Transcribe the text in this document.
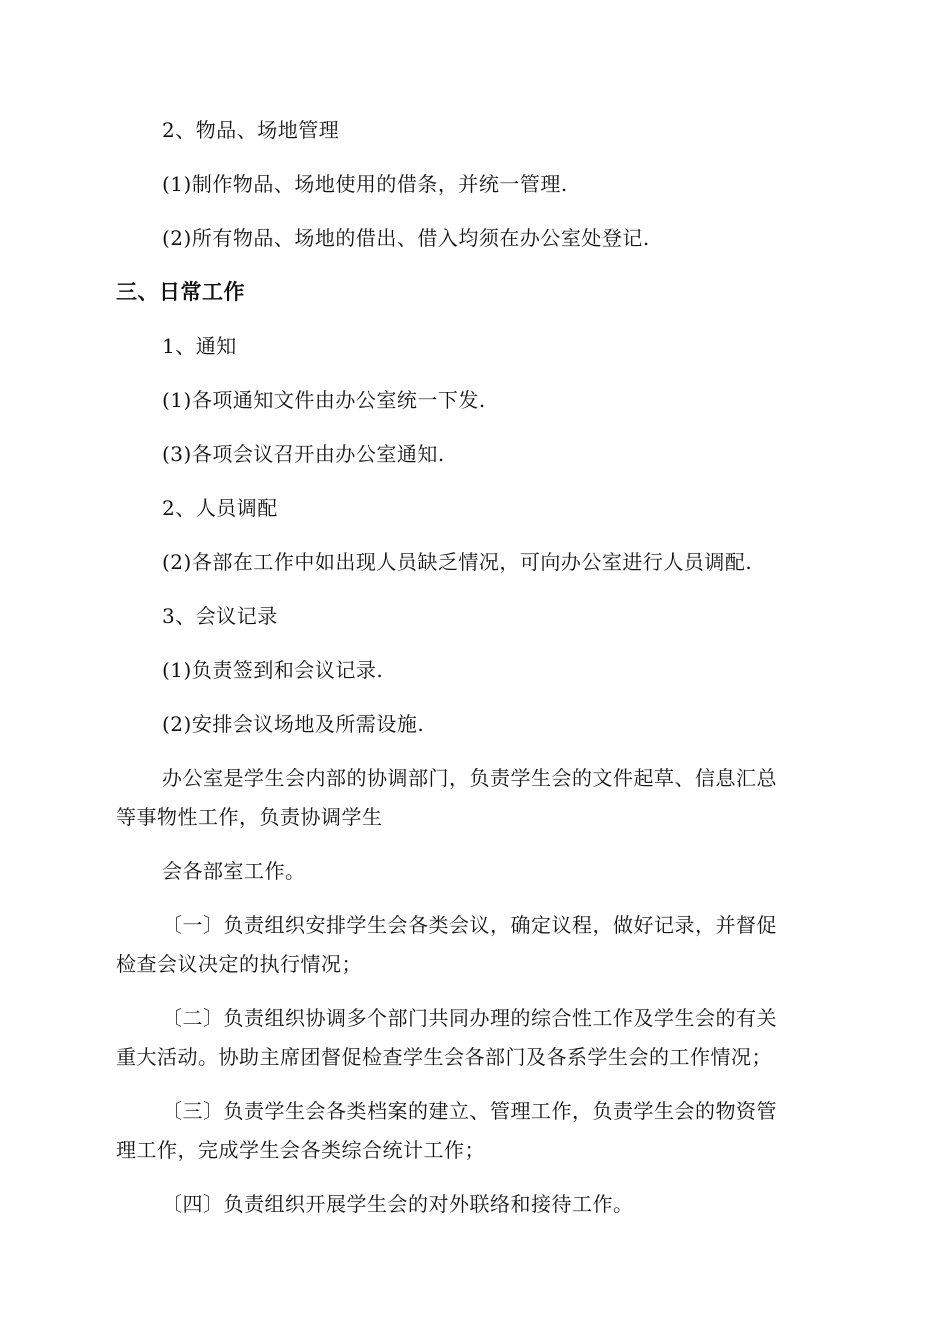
2、物品、场地管理
(1)制作物品、场地使用的借条，并统一管理.
(2)所有物品、场地的借出、借入均须在办公室处登记.
三、日常工作
1、通知
(1)各项通知文件由办公室统一下发.
(3)各项会议召开由办公室通知.
2、人员调配
(2)各部在工作中如出现人员缺乏情况，可向办公室进行人员调配.
3、会议记录
(1)负责签到和会议记录.
(2)安排会议场地及所需设施.
办公室是学生会内部的协调部门，负责学生会的文件起草、信息汇总
等事物性工作，负责协调学生
会各部室工作。
〔一〕负责组织安排学生会各类会议，确定议程，做好记录，并督促
检查会议决定的执行情况；
〔二〕负责组织协调多个部门共同办理的综合性工作及学生会的有关
重大活动。协助主席团督促检查学生会各部门及各系学生会的工作情况；
〔三〕负责学生会各类档案的建立、管理工作，负责学生会的物资管
理工作，完成学生会各类综合统计工作；
〔四〕负责组织开展学生会的对外联络和接待工作。
